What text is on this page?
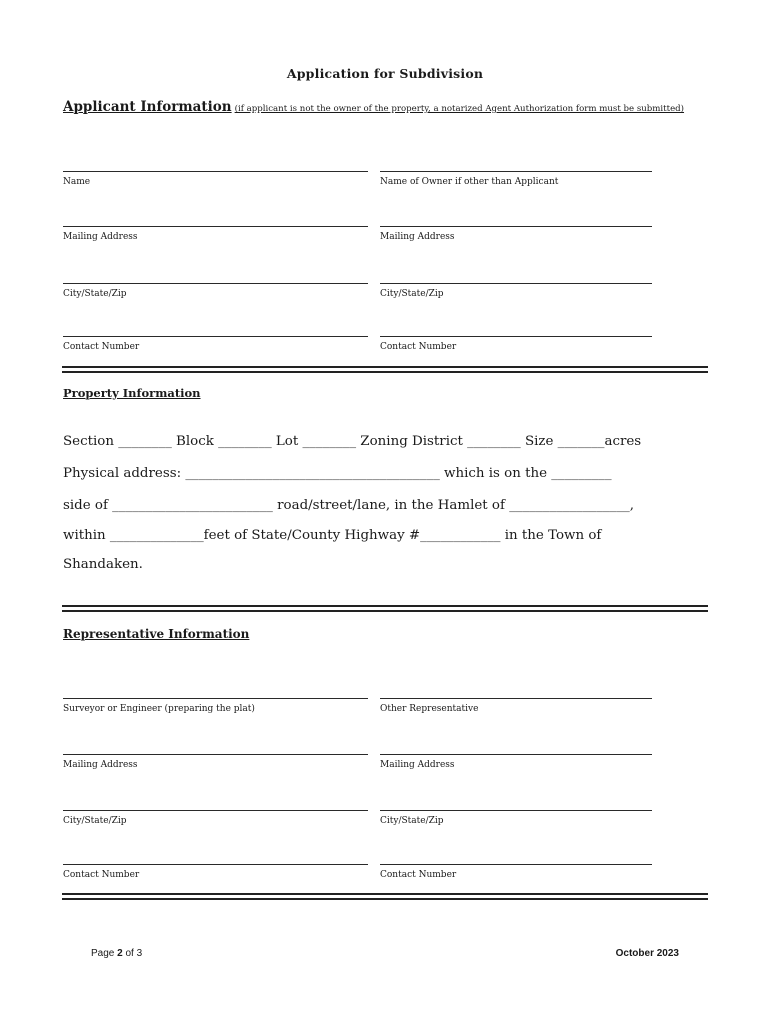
Application for Subdivision
Applicant Information (if applicant is not the owner of the property, a notarized Agent Authorization form must be submitted)
Name	Name of Owner if other than Applicant
Mailing Address	Mailing Address
City/State/Zip	City/State/Zip
Contact Number	Contact Number
Property Information
Section ________ Block ________ Lot ________ Zoning District ________ Size _______acres
Physical address: ______________________________________ which is on the _________
side of ________________________ road/street/lane, in the Hamlet of __________________,
within ______________feet of State/County Highway #____________ in the Town of
Shandaken.
Representative Information
Surveyor or Engineer (preparing the plat)	Other Representative
Mailing Address	Mailing Address
City/State/Zip	City/State/Zip
Contact Number	Contact Number
Page 2 of 3	October 2023
